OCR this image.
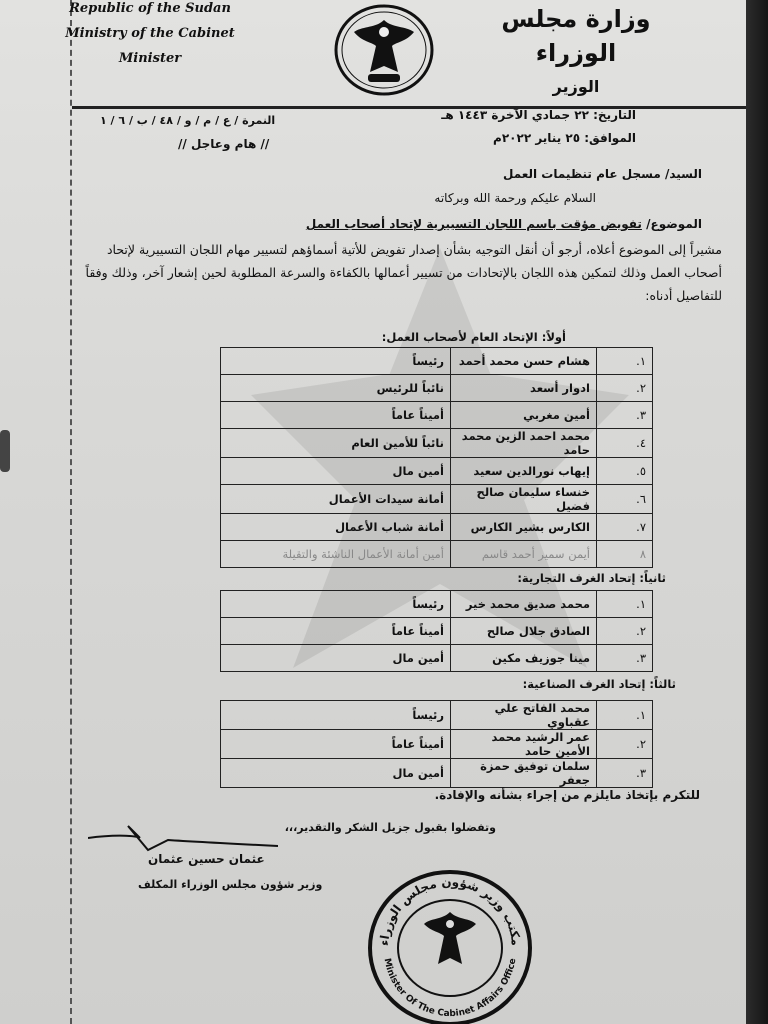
Republic of the Sudan
Ministry of the Cabinet
Minister
وزارة مجلس الوزراء
الوزير
التاريخ: ٢٢ جمادي الآخرة ١٤٤٣ هـ
الموافق: ٢٥ يناير ٢٠٢٢م
النمرة / ع / م / و / ٤٨ / ب / ٦ / ١
// هام وعاجل //
السيد/ مسجل عام تنظيمات العمل
السلام عليكم ورحمة الله وبركاته
الموضوع/ تفويض مؤقت باسم اللجان التسييرية لإتحاد أصحاب العمل
مشيراً إلى الموضوع أعلاه، أرجو أن أنقل التوجيه بشأن إصدار تفويض للأتية أسماؤهم لتسيير مهام اللجان التسييرية لإتحاد أصحاب العمل وذلك لتمكين هذه اللجان بالإتحادات من تسيير أعمالها بالكفاءة والسرعة المطلوبة لحين إشعار آخر، وذلك وفقاً للتفاصيل أدناه:
أولاً: الإتحاد العام لأصحاب العمل:
١.	هشام حسن محمد أحمد	رئيساً
٢.	ادوار أسعد	نائباً للرئيس
٣.	أمين مغربي	أميناً عاماً
٤.	محمد احمد الزين محمد حامد	نائباً للأمين العام
٥.	إيهاب نورالدين سعيد	أمين مال
٦.	خنساء سليمان صالح فضيل	أمانة سيدات الأعمال
٧.	الكارس بشير الكارس	أمانة شباب الأعمال
٨	أيمن سمير أحمد قاسم	أمين أمانة الأعمال الناشئة والتقيلة
ثانياً: إتحاد الغرف التجارية:
١.	محمد صديق محمد خير	رئيساً
٢.	الصادق جلال صالح	أميناً عاماً
٣.	مينا جوزيف مكين	أمين مال
ثالثاً: إتحاد الغرف الصناعية:
١.	محمد الفاتح علي عقباوي	رئيساً
٢.	عمر الرشيد محمد الأمين حامد	أميناً عاماً
٣.	سلمان توفيق حمزة جعفر	أمين مال
للتكرم بإتخاذ مايلزم من إجراء بشأنه والإفادة.
وتفضلوا بقبول جزيل الشكر والتقدير،،،
عثمان حسين عثمان
وزير شؤون مجلس الوزراء المكلف
مكتب وزير شؤون مجلس الوزراء
Minister Of The Cabinet Affairs Office
